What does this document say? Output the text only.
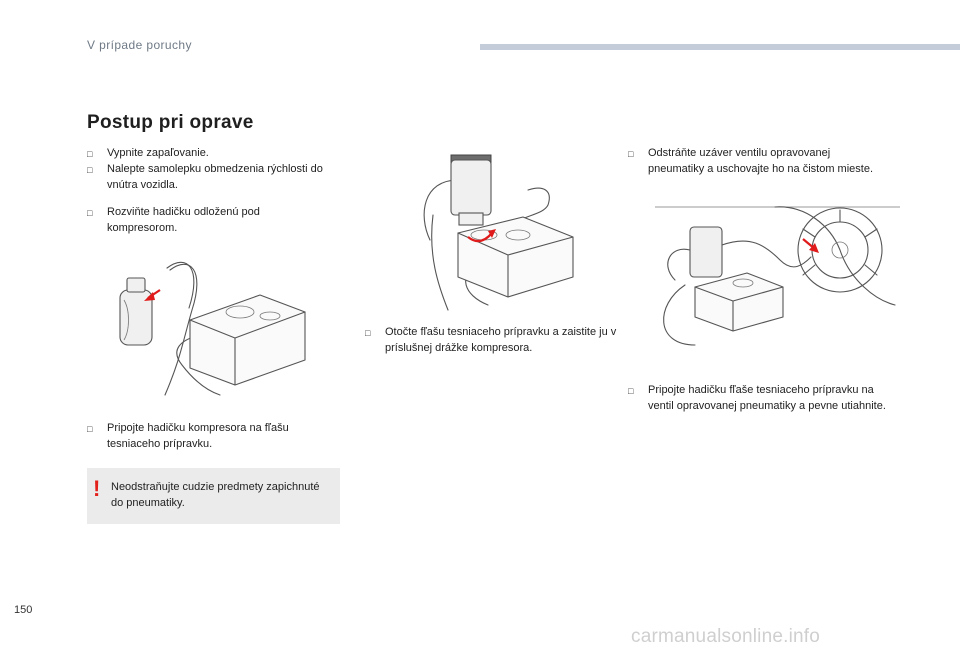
V prípade poruchy
Postup pri oprave
□	Vypnite zapaľovanie.
□	Nalepte samolepku obmedzenia rýchlosti do vnútra vozidla.
□	Rozviňte hadičku odloženú pod kompresorom.
□	Pripojte hadičku kompresora na fľašu tesniaceho prípravku.
! Neodstraňujte cudzie predmety zapichnuté do pneumatiky.
□	Otočte fľašu tesniaceho prípravku a zaistite ju v príslušnej drážke kompresora.
□	Odstráňte uzáver ventilu opravovanej pneumatiky a uschovajte ho na čistom mieste.
□	Pripojte hadičku fľaše tesniaceho prípravku na ventil opravovanej pneumatiky a pevne utiahnite.
150
carmanualsonline.info
